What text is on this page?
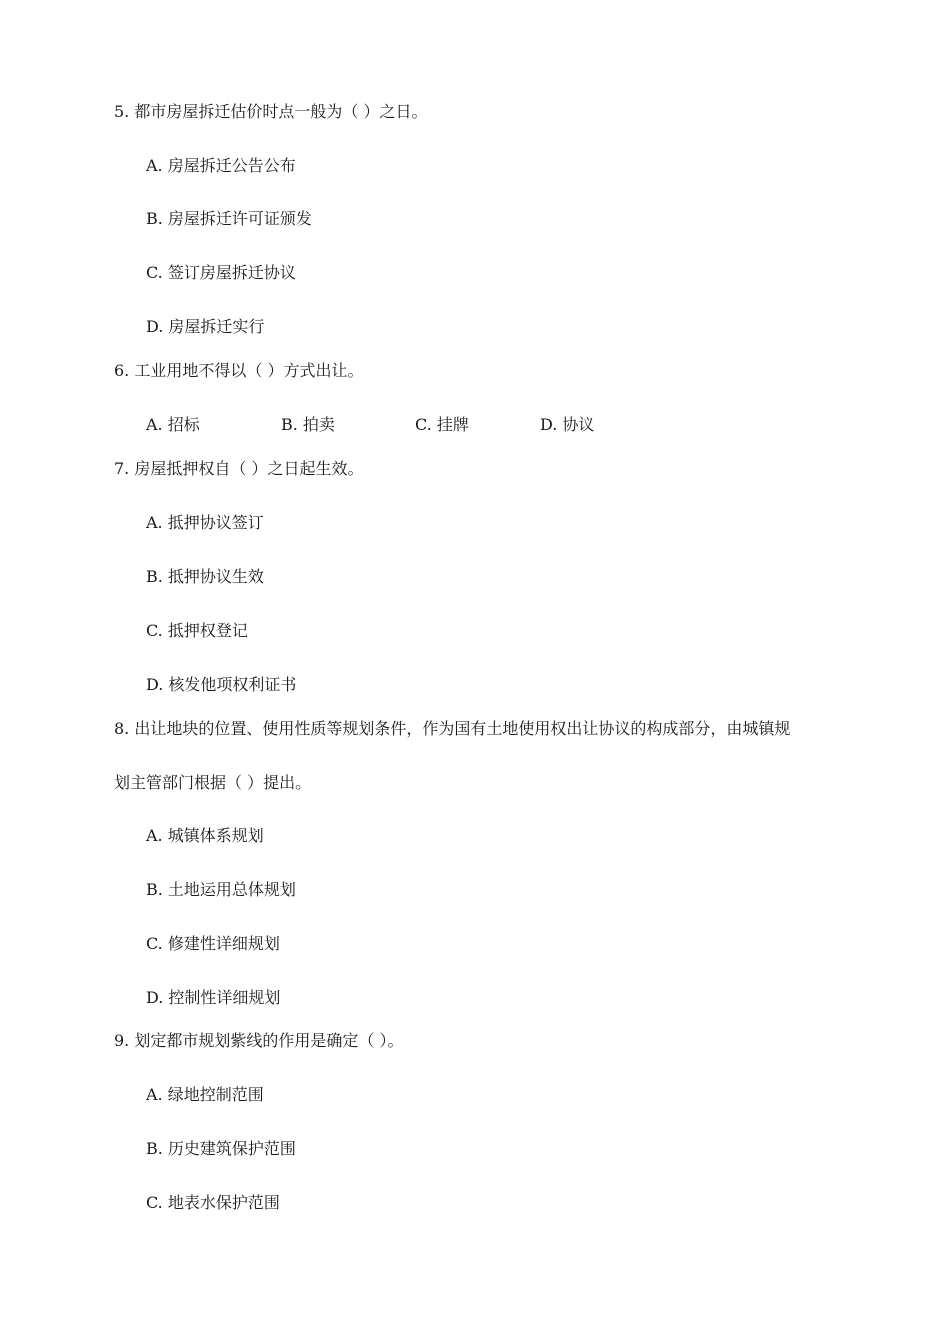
5. 都市房屋拆迁估价时点一般为（ ）之日。
A. 房屋拆迁公告公布
B. 房屋拆迁许可证颁发
C. 签订房屋拆迁协议
D. 房屋拆迁实行
6. 工业用地不得以（ ）方式出让。
A. 招标	B. 拍卖	C. 挂牌	D. 协议
7. 房屋抵押权自（ ）之日起生效。
A. 抵押协议签订
B. 抵押协议生效
C. 抵押权登记
D. 核发他项权利证书
8. 出让地块的位置、使用性质等规划条件，作为国有土地使用权出让协议的构成部分，由城镇规
划主管部门根据（ ）提出。
A. 城镇体系规划
B. 土地运用总体规划
C. 修建性详细规划
D. 控制性详细规划
9. 划定都市规划紫线的作用是确定（ ）。
A. 绿地控制范围
B. 历史建筑保护范围
C. 地表水保护范围
